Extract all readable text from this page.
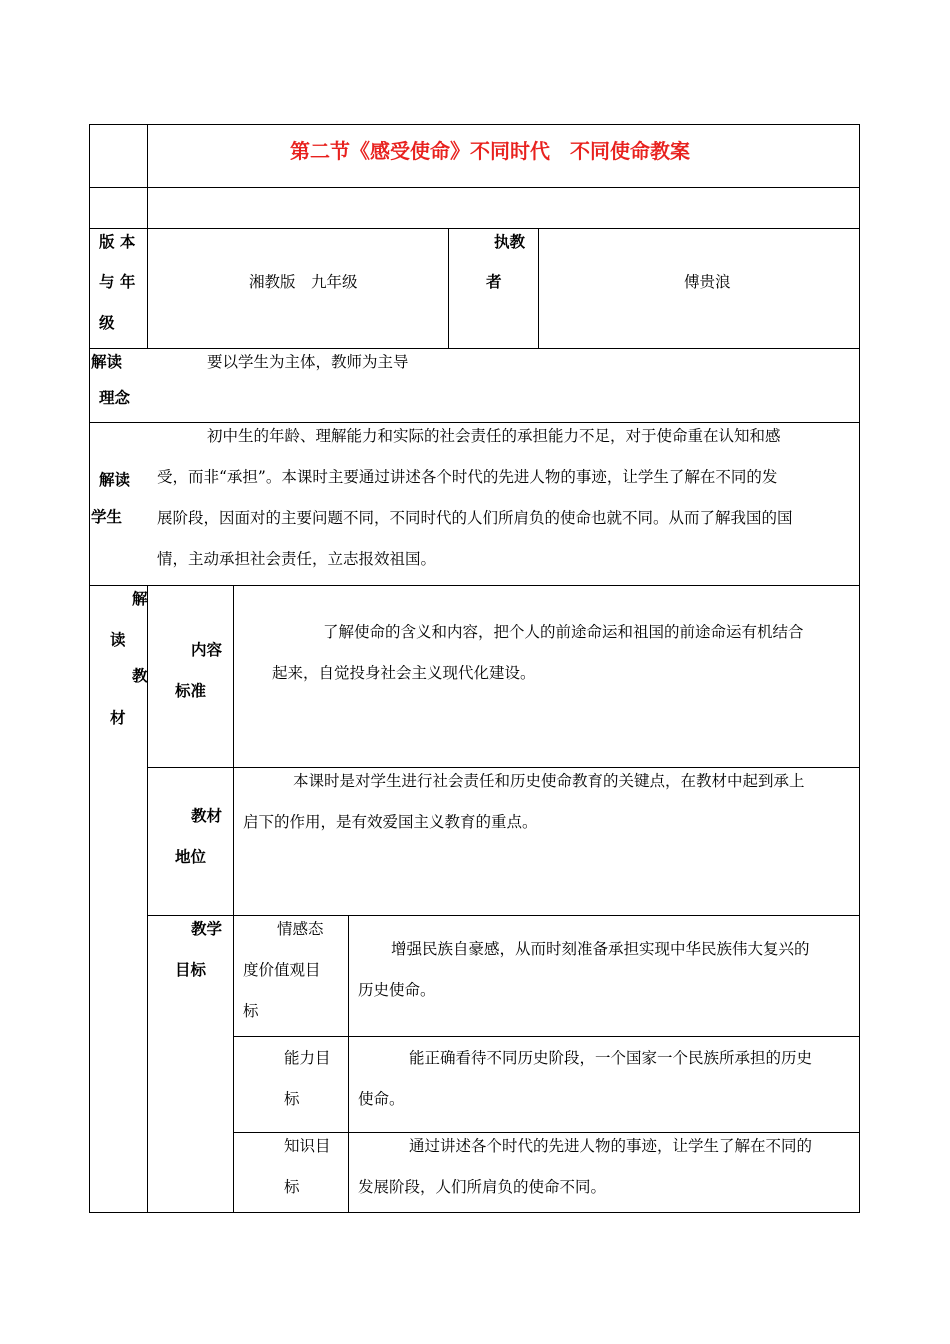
第二节《感受使命》不同时代　不同使命教案
版 本
与 年
级
湘教版　九年级
执教
者	傅贵浪
解读
理念
要以学生为主体，教师为主导
解读
学生
初中生的年龄、理解能力和实际的社会责任的承担能力不足，对于使命重在认知和感
受，而非“承担”。本课时主要通过讲述各个时代的先进人物的事迹，让学生了解在不同的发
展阶段，因面对的主要问题不同，不同时代的人们所肩负的使命也就不同。从而了解我国的国
情，主动承担社会责任，立志报效祖国。
解
读
教
材
内容
标准
了解使命的含义和内容，把个人的前途命运和祖国的前途命运有机结合
起来，自觉投身社会主义现代化建设。
教材
地位
本课时是对学生进行社会责任和历史使命教育的关键点，在教材中起到承上
启下的作用，是有效爱国主义教育的重点。
教学
目标
情感态
度价值观目
标
增强民族自豪感，从而时刻准备承担实现中华民族伟大复兴的
历史使命。
能力目
标
能正确看待不同历史阶段，一个国家一个民族所承担的历史
使命。
知识目
标
通过讲述各个时代的先进人物的事迹，让学生了解在不同的
发展阶段，人们所肩负的使命不同。
